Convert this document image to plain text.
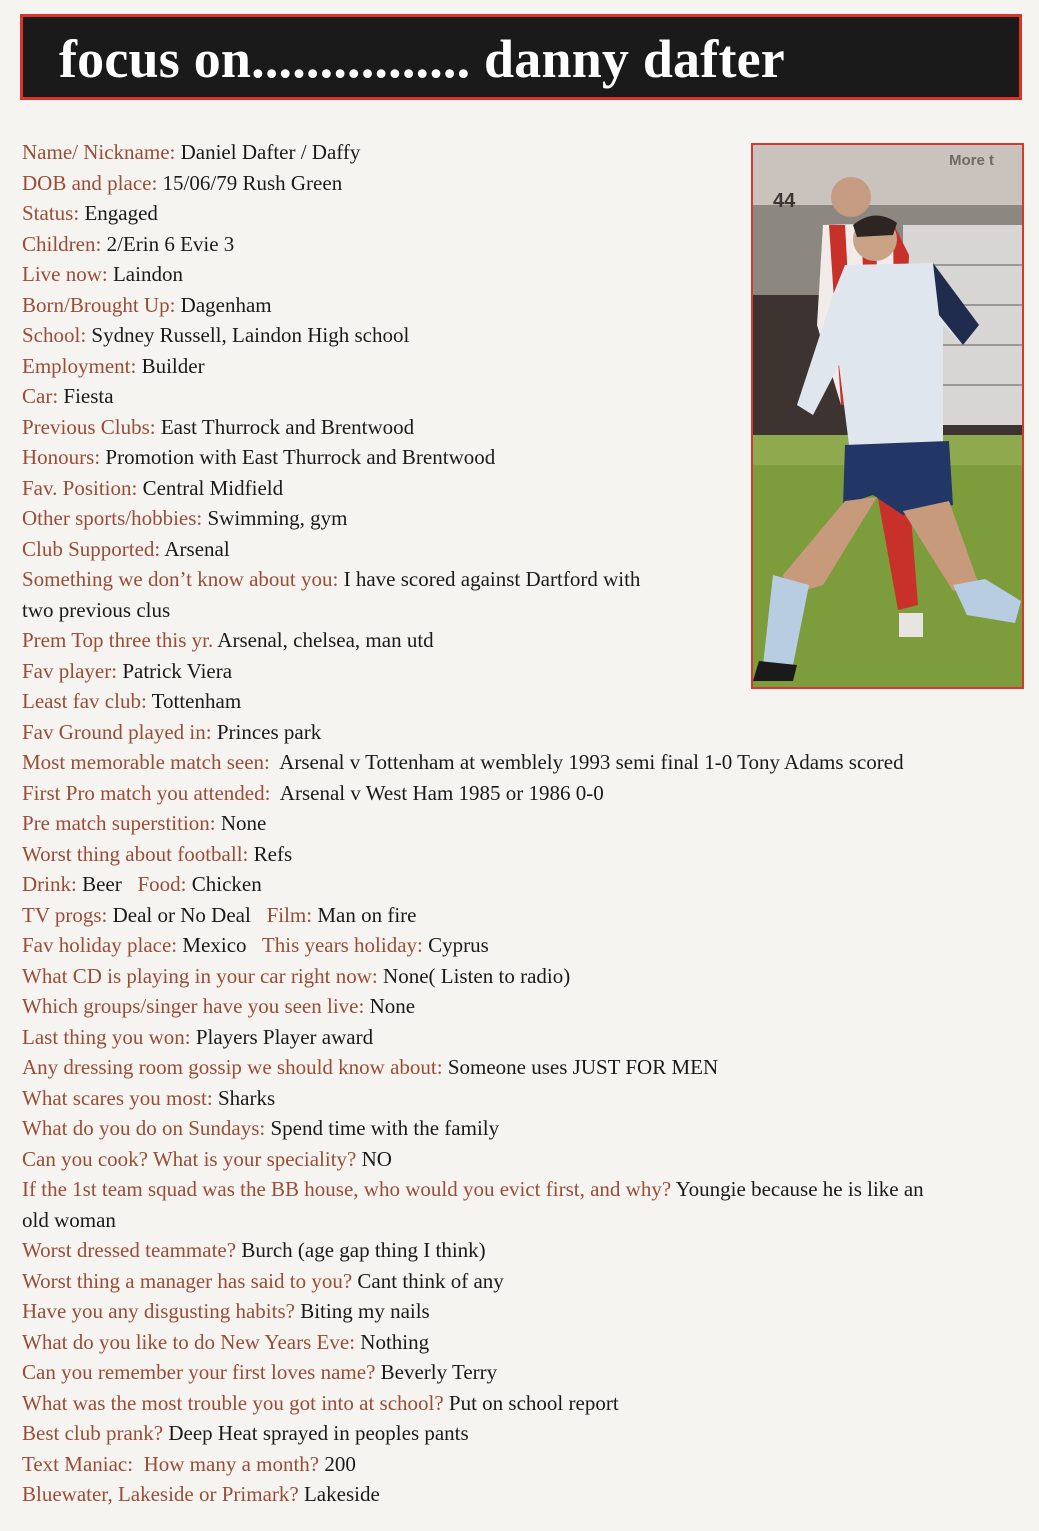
focus on................ danny dafter
More t
44
Name/ Nickname: Daniel Dafter / Daffy
DOB and place: 15/06/79 Rush Green
Status: Engaged
Children: 2/Erin 6 Evie 3
Live now: Laindon
Born/Brought Up: Dagenham
School: Sydney Russell, Laindon High school
Employment: Builder
Car: Fiesta
Previous Clubs: East Thurrock and Brentwood
Honours: Promotion with East Thurrock and Brentwood
Fav. Position: Central Midfield
Other sports/hobbies: Swimming, gym
Club Supported: Arsenal
Something we don’t know about you: I have scored against Dartford with
two previous clus
Prem Top three this yr. Arsenal, chelsea, man utd
Fav player: Patrick Viera
Least fav club: Tottenham
Fav Ground played in: Princes park
Most memorable match seen:  Arsenal v Tottenham at wemblely 1993 semi final 1-0 Tony Adams scored
First Pro match you attended:  Arsenal v West Ham 1985 or 1986 0-0
Pre match superstition: None
Worst thing about football: Refs
Drink: Beer   Food: Chicken
TV progs: Deal or No Deal   Film: Man on fire
Fav holiday place: Mexico   This years holiday: Cyprus
What CD is playing in your car right now: None( Listen to radio)
Which groups/singer have you seen live: None
Last thing you won: Players Player award
Any dressing room gossip we should know about: Someone uses JUST FOR MEN
What scares you most: Sharks
What do you do on Sundays: Spend time with the family
Can you cook? What is your speciality? NO
If the 1st team squad was the BB house, who would you evict first, and why? Youngie because he is like an
old woman
Worst dressed teammate? Burch (age gap thing I think)
Worst thing a manager has said to you? Cant think of any
Have you any disgusting habits? Biting my nails
What do you like to do New Years Eve: Nothing
Can you remember your first loves name? Beverly Terry
What was the most trouble you got into at school? Put on school report
Best club prank? Deep Heat sprayed in peoples pants
Text Maniac: How many a month? 200
Bluewater, Lakeside or Primark? Lakeside
